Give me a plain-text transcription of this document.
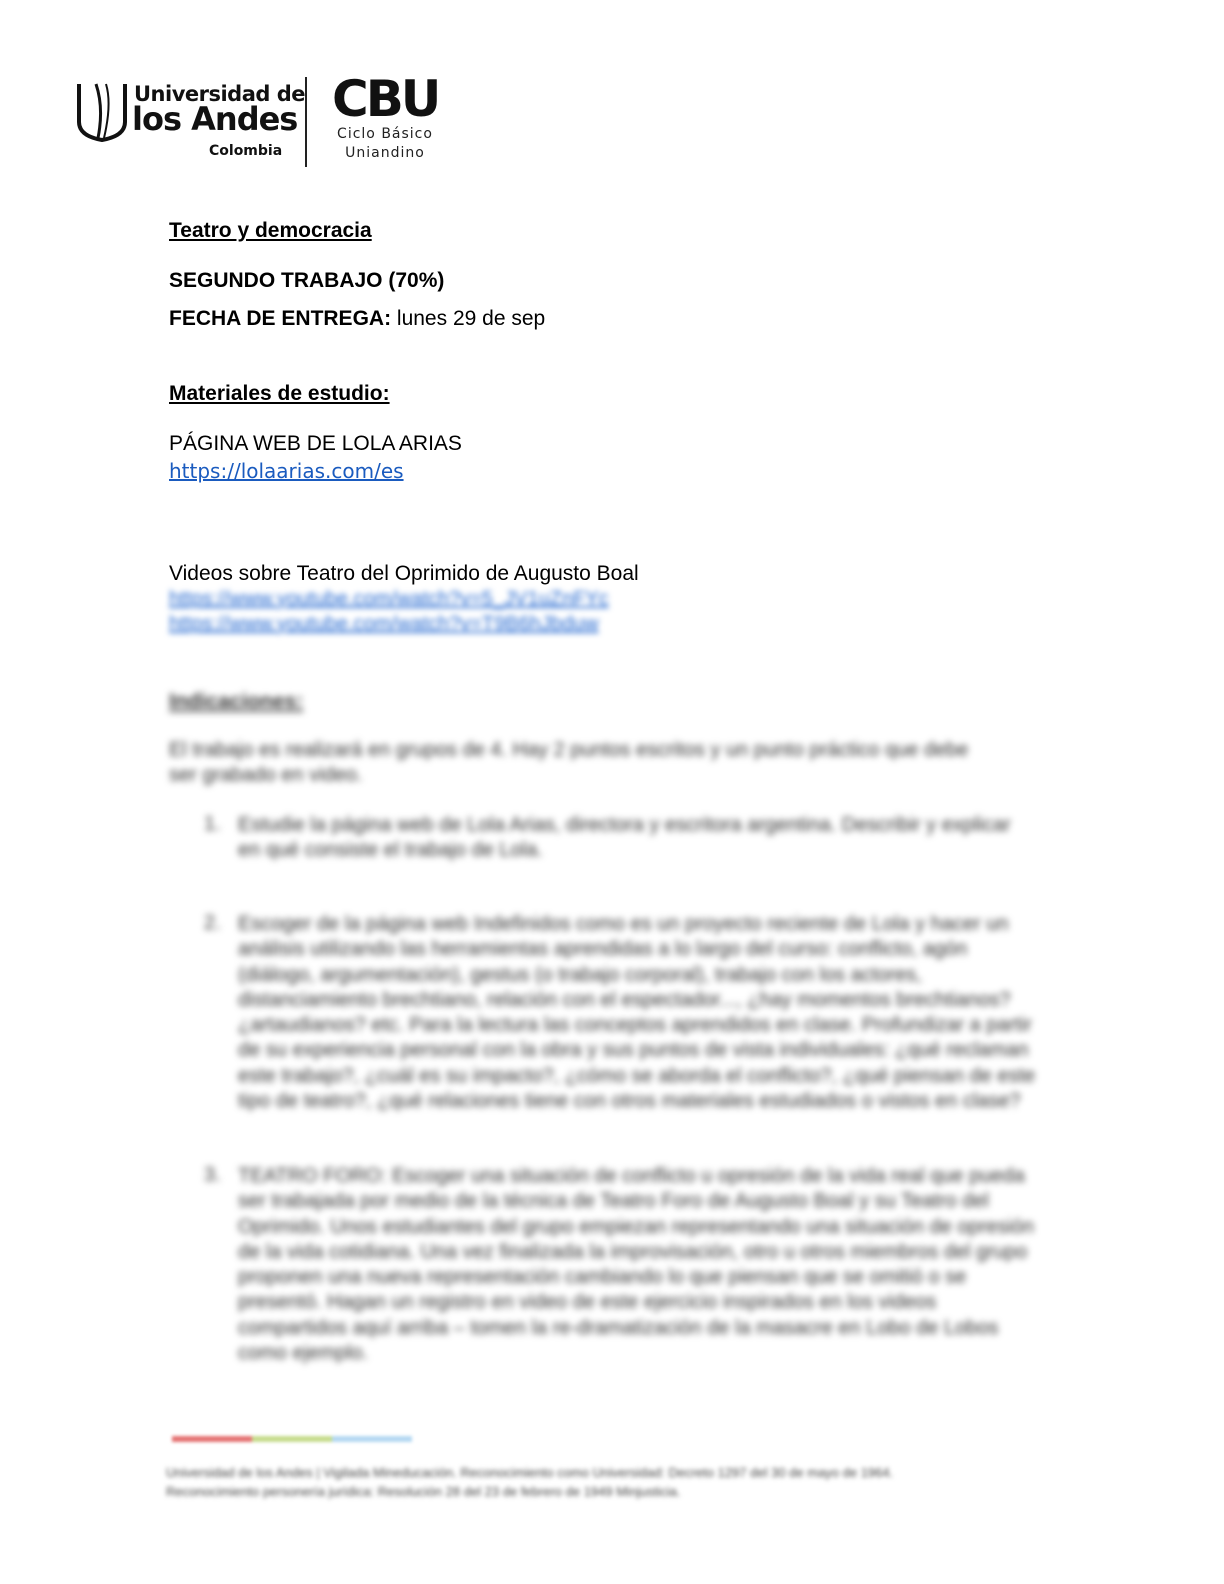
Universidad de
los Andes
Colombia
CBU
Ciclo Básico
Uniandino
Teatro y democracia
SEGUNDO TRABAJO (70%)
FECHA DE ENTREGA: lunes 29 de sep
Materiales de estudio:
PÁGINA WEB DE LOLA ARIAS
https://lolaarias.com/es
Videos sobre Teatro del Oprimido de Augusto Boal
https://www.youtube.com/watch?v=5_JV1uZnFYc
https://www.youtube.com/watch?v=T9B6hJbduw
Indicaciones:
El trabajo es realizará en grupos de 4. Hay 2 puntos escritos y un punto práctico que debe ser grabado en video.
1. Estudie la página web de Lola Arias, directora y escritora argentina. Describir y explicar en qué consiste el trabajo de Lola.
2. Escoger de la página web Indefinidos como es un proyecto reciente de Lola y hacer un análisis utilizando las herramientas aprendidas a lo largo del curso: conflicto, agón (diálogo, argumentación), gestus (o trabajo corporal), trabajo con los actores, distanciamiento brechtiano, relación con el espectador..., ¿hay momentos brechtianos? ¿artaudianos? etc. Para la lectura las conceptos aprendidos en clase. Profundizar a partir de su experiencia personal con la obra y sus puntos de vista individuales: ¿qué reclaman este trabajo?, ¿cuál es su impacto?, ¿cómo se aborda el conflicto?, ¿qué piensan de este tipo de teatro?, ¿qué relaciones tiene con otros materiales estudiados o vistos en clase?
3. TEATRO FORO: Escoger una situación de conflicto u opresión de la vida real que pueda ser trabajada por medio de la técnica de Teatro Foro de Augusto Boal y su Teatro del Oprimido. Unos estudiantes del grupo empiezan representando una situación de opresión de la vida cotidiana. Una vez finalizada la improvisación, otro u otros miembros del grupo proponen una nueva representación cambiando lo que piensan que se omitió o se presentó. Hagan un registro en video de este ejercicio inspirados en los videos compartidos aquí arriba – tomen la re-dramatización de la masacre en Lobo de Lobos como ejemplo.
Universidad de los Andes | Vigilada Mineducación. Reconocimiento como Universidad: Decreto 1297 del 30 de mayo de 1964. Reconocimiento personería jurídica: Resolución 28 del 23 de febrero de 1949 Minjusticia.
